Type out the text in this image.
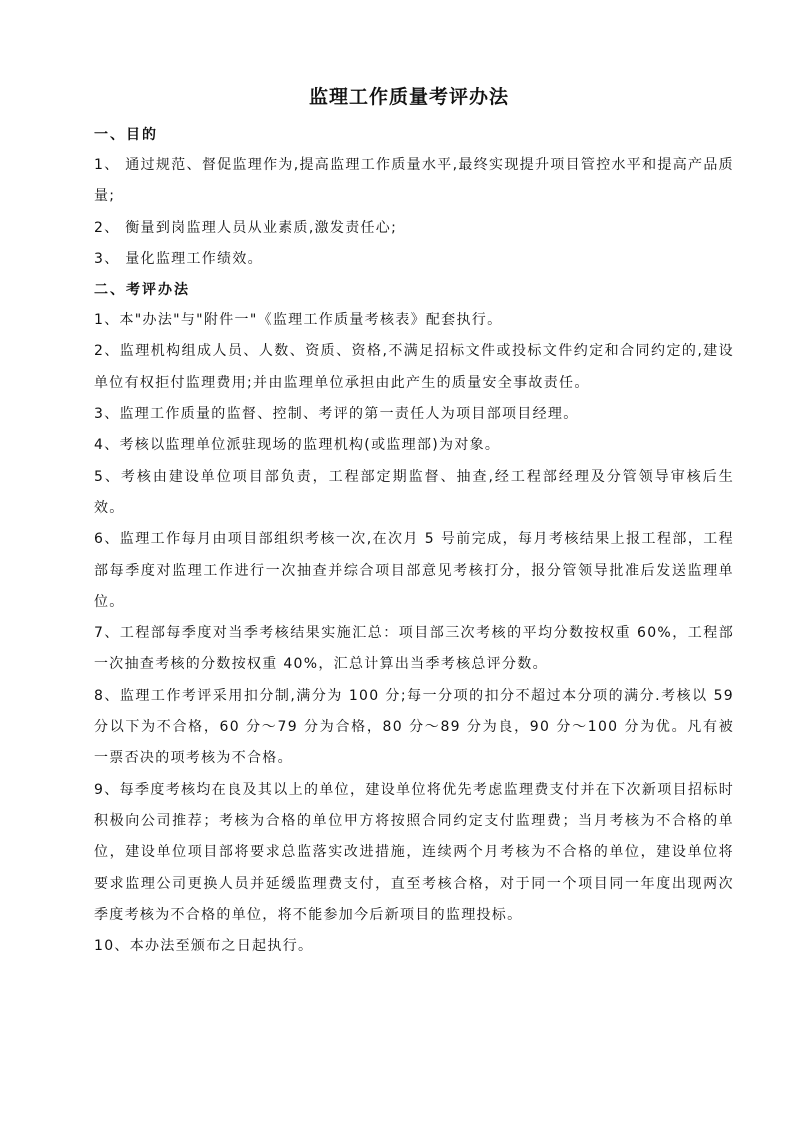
监理工作质量考评办法

一、目的

1、 通过规范、督促监理作为,提高监理工作质量水平,最终实现提升项目管控水平和提高产品质量;

2、 衡量到岗监理人员从业素质,激发责任心;

3、 量化监理工作绩效。

二、考评办法

1、本"办法"与"附件一"《监理工作质量考核表》配套执行。

2、监理机构组成人员、人数、资质、资格,不满足招标文件或投标文件约定和合同约定的,建设单位有权拒付监理费用;并由监理单位承担由此产生的质量安全事故责任。

3、监理工作质量的监督、控制、考评的第一责任人为项目部项目经理。

4、考核以监理单位派驻现场的监理机构(或监理部)为对象。

5、考核由建设单位项目部负责，工程部定期监督、抽查,经工程部经理及分管领导审核后生效。

6、监理工作每月由项目部组织考核一次,在次月 5 号前完成，每月考核结果上报工程部，工程部每季度对监理工作进行一次抽查并综合项目部意见考核打分，报分管领导批准后发送监理单位。

7、工程部每季度对当季考核结果实施汇总：项目部三次考核的平均分数按权重 60%，工程部一次抽查考核的分数按权重 40%，汇总计算出当季考核总评分数。

8、监理工作考评采用扣分制,满分为 100 分;每一分项的扣分不超过本分项的满分.考核以 59 分以下为不合格，60 分～79 分为合格，80 分～89 分为良，90 分～100 分为优。凡有被一票否决的项考核为不合格。

9、每季度考核均在良及其以上的单位，建设单位将优先考虑监理费支付并在下次新项目招标时积极向公司推荐；考核为合格的单位甲方将按照合同约定支付监理费；当月考核为不合格的单位，建设单位项目部将要求总监落实改进措施，连续两个月考核为不合格的单位，建设单位将要求监理公司更换人员并延缓监理费支付，直至考核合格，对于同一个项目同一年度出现两次季度考核为不合格的单位，将不能参加今后新项目的监理投标。

10、本办法至颁布之日起执行。
